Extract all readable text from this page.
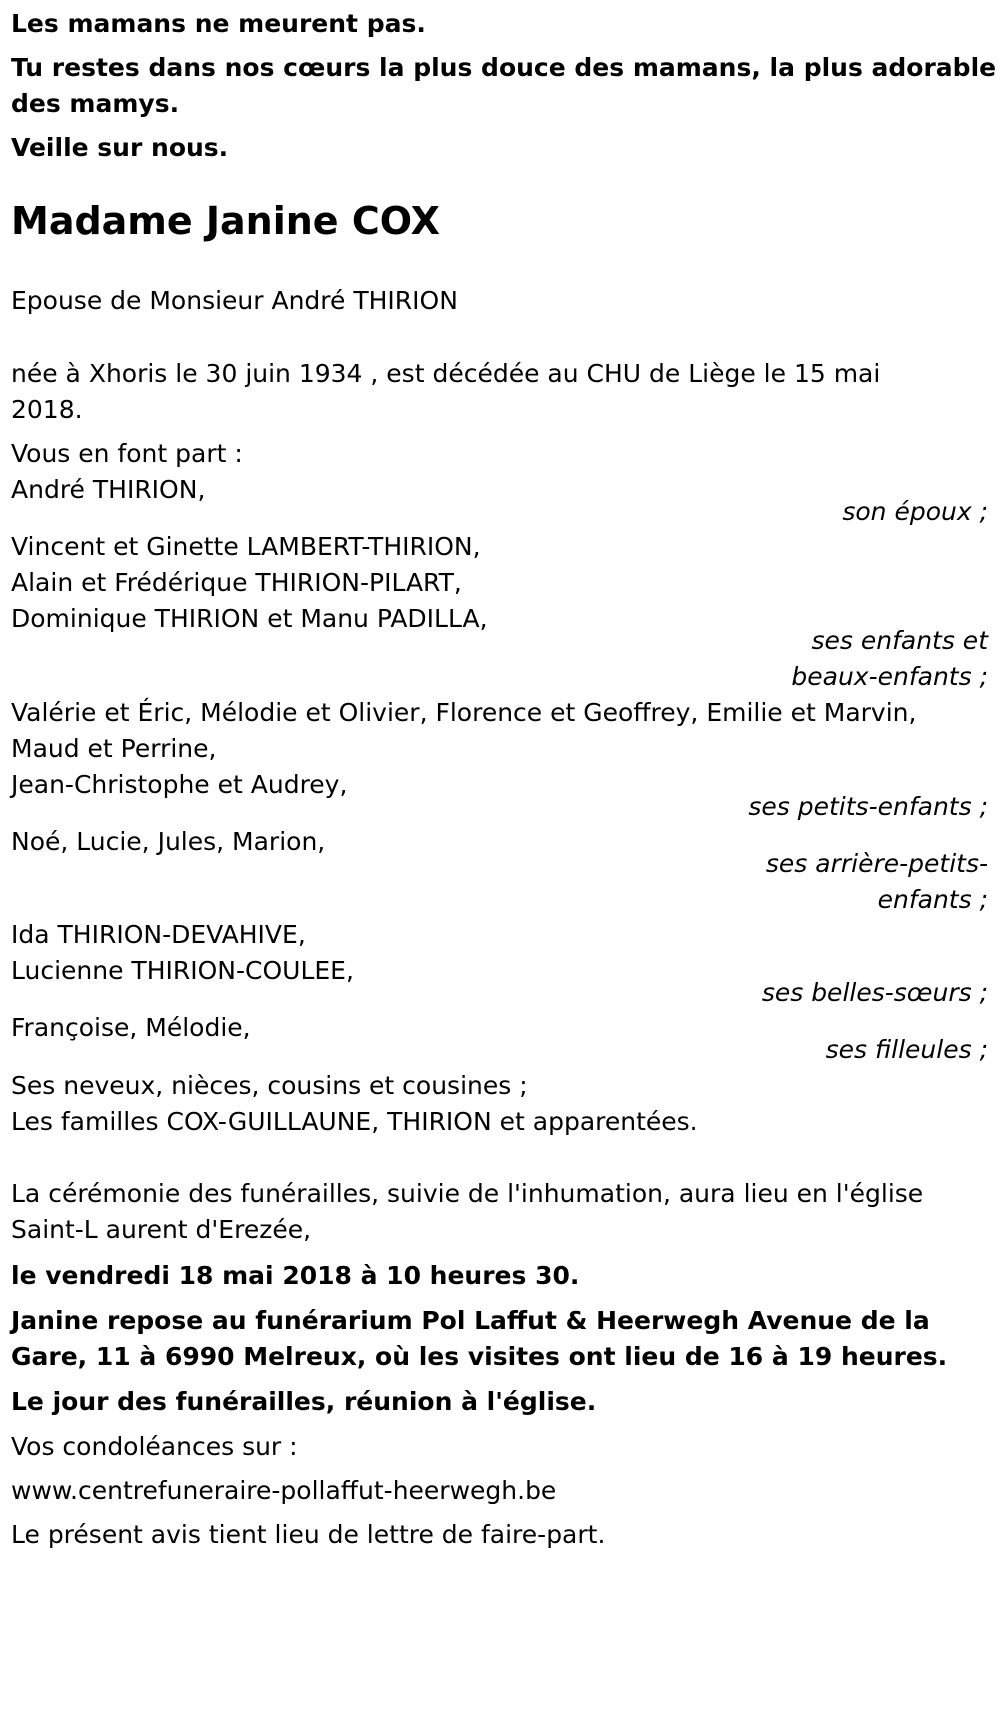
Les mamans ne meurent pas.
Tu restes dans nos cœurs la plus douce des mamans, la plus adorable
des mamys.
Veille sur nous.
Madame Janine COX
Epouse de Monsieur André THIRION
née à Xhoris le 30 juin 1934 , est décédée au CHU de Liège le 15 mai
2018.
Vous en font part :
André THIRION,
son époux ;
Vincent et Ginette LAMBERT-THIRION,
Alain et Frédérique THIRION-PILART,
Dominique THIRION et Manu PADILLA,
ses enfants et
beaux-enfants ;
Valérie et Éric, Mélodie et Olivier, Florence et Geoffrey, Emilie et Marvin,
Maud et Perrine,
Jean-Christophe et Audrey,
ses petits-enfants ;
Noé, Lucie, Jules, Marion,
ses arrière-petits-
enfants ;
Ida THIRION-DEVAHIVE,
Lucienne THIRION-COULEE,
ses belles-sœurs ;
Françoise, Mélodie,
ses filleules ;
Ses neveux, nièces, cousins et cousines ;
Les familles COX-GUILLAUNE, THIRION et apparentées.
La cérémonie des funérailles, suivie de l'inhumation, aura lieu en l'église
Saint-L aurent d'Erezée,
le vendredi 18 mai 2018 à 10 heures 30.
Janine repose au funérarium Pol Laffut & Heerwegh Avenue de la
Gare, 11 à 6990 Melreux, où les visites ont lieu de 16 à 19 heures.
Le jour des funérailles, réunion à l'église.
Vos condoléances sur :
www.centrefuneraire-pollaffut-heerwegh.be
Le présent avis tient lieu de lettre de faire-part.
